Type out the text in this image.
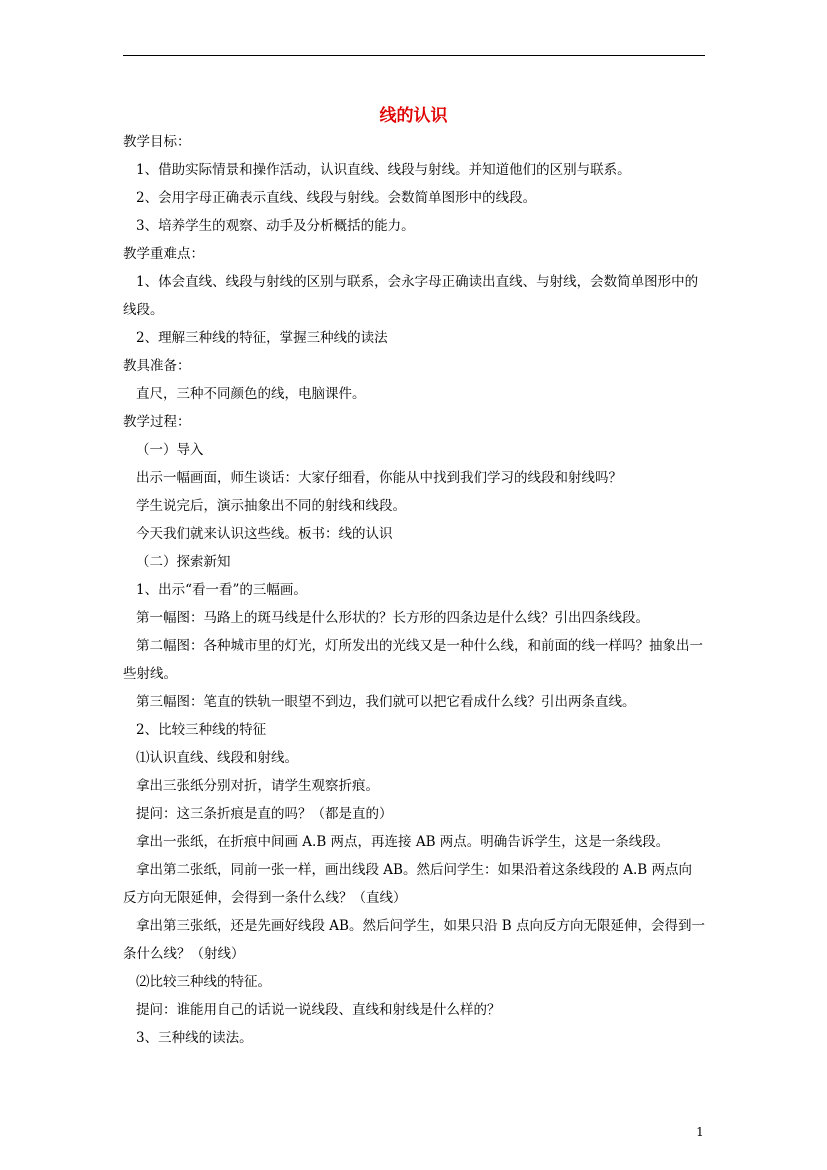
线的认识

教学目标：

1、借助实际情景和操作活动，认识直线、线段与射线。并知道他们的区别与联系。

2、会用字母正确表示直线、线段与射线。会数简单图形中的线段。

3、培养学生的观察、动手及分析概括的能力。

教学重难点：

1、体会直线、线段与射线的区别与联系，会永字母正确读出直线、与射线，会数简单图形中的线段。

2、理解三种线的特征，掌握三种线的读法

教具准备：

直尺，三种不同颜色的线，电脑课件。

教学过程：

（一）导入

出示一幅画面，师生谈话：大家仔细看，你能从中找到我们学习的线段和射线吗？

学生说完后，演示抽象出不同的射线和线段。

今天我们就来认识这些线。板书：线的认识

（二）探索新知

1、出示“看一看”的三幅画。

第一幅图：马路上的斑马线是什么形状的？长方形的四条边是什么线？引出四条线段。

第二幅图：各种城市里的灯光，灯所发出的光线又是一种什么线，和前面的线一样吗？抽象出一些射线。

第三幅图：笔直的铁轨一眼望不到边，我们就可以把它看成什么线？引出两条直线。

2、比较三种线的特征

⑴认识直线、线段和射线。

拿出三张纸分别对折，请学生观察折痕。

提问：这三条折痕是直的吗？（都是直的）

拿出一张纸，在折痕中间画 A.B 两点，再连接 AB 两点。明确告诉学生，这是一条线段。

拿出第二张纸，同前一张一样，画出线段 AB。然后问学生：如果沿着这条线段的 A.B 两点向反方向无限延伸，会得到一条什么线？（直线）

拿出第三张纸，还是先画好线段 AB。然后问学生，如果只沿 B 点向反方向无限延伸，会得到一条什么线？（射线）

⑵比较三种线的特征。

提问：谁能用自己的话说一说线段、直线和射线是什么样的？

3、三种线的读法。

1
